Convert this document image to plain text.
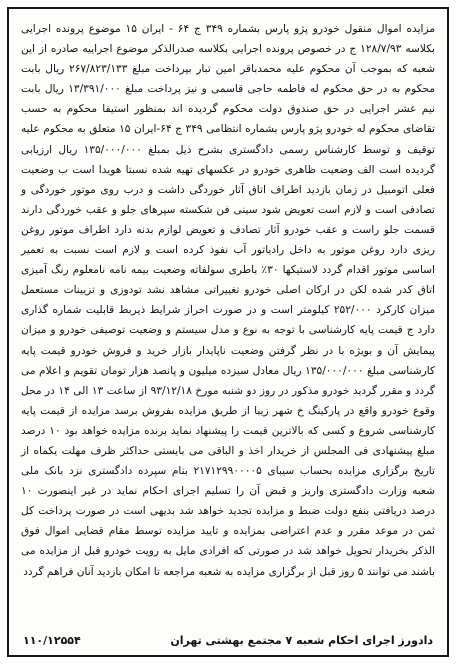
مزایده اموال منقول خودرو پژو پارس بشماره ۳۴۹ ج ۶۴ - ایران ۱۵ موضوع پرونده اجرایی بکلاسه ۱۲۸/۷/۹۳ ج در خصوص پرونده اجرایی بکلاسه صدرالذکر موضوع اجراییه صادره از این شعبه که بموجب آن محکوم علیه محمدباقر امین تبار بپرداخت مبلغ ۲۶۷/۸۲۳/۱۳۳ ریال بابت محکوم به در حق محکوم له فاطمه حاجی قاسمی و نیز پرداخت مبلغ ۱۳/۳۹۱/۰۰۰ ریال بابت نیم عشر اجرایی در حق صندوق دولت محکوم گردیده اند بمنظور استیفا محکوم به حسب تقاضای محکوم له خودرو پژو پارس بشماره انتظامی ۳۴۹ ج ۶۴-ایران ۱۵ متعلق به محکوم علیه توقیف و توسط کارشناس رسمی دادگستری بشرح ذیل بمبلغ ۱۳۵/۰۰۰/۰۰۰ ریال ارزیابی گردیده است الف وضعیت ظاهری خودرو در عکسهای تهیه شده نسبتا هویدا است ب وضعیت فعلی اتومبیل در زمان بازدید اطراف اتاق آثار خوردگی داشت و درب روی موتور خوردگی و تصادفی است و لازم است تعویض شود سینی فن شکسته سپرهای جلو و عقب خوردگی دارند قسمت جلو راست و عقب خودرو آثار تصادف و تعویض لوازم بدنه دارد اطراف موتور روغن ریزی دارد روغن موتور به داخل رادیاتور آب نفوذ کرده است و لازم است نسبت به تعمیر اساسی موتور اقدام گردد لاستیکها ۳۰٪ باطری سولفاته وضعیت بیمه نامه نامعلوم رنگ آمیزی اتاق کدر شده لکن در ارکان اصلی خودرو تغییراتی مشاهد نشد تودوزی و تزیینات مستعمل میزان کارکرد ۲۵۲/۰۰۰ کیلومتر است و در صورت احراز شرایط ذیربط قابلیت شماره گذاری دارد ج قیمت پایه کارشناسی با توجه به نوع و مدل سیستم و وضعیت توصیفی خودرو و میزان پیمایش آن و بویژه با در نظر گرفتن وضعیت ناپایدار بازار خرید و فروش خودرو قیمت پایه کارشناسی مبلغ ۱۳۵/۰۰۰/۰۰۰ ریال معادل سیزده میلیون و پانصد هزار تومان تقویم و اعلام می گردد و مقرر گردید خودرو مذکور در روز دو شنبه مورخ ۹۳/۱۲/۱۸ از ساعت ۱۳ الی ۱۴ در محل وقوع خودرو واقع در پارکینگ خ شهر زیبا از طریق مزایده بفروش برسد مزایده از قیمت پایه کارشناسی شروع و کسی که بالاترین قیمت را پیشنهاد نماید برنده مزایده خواهد بود ۱۰ درصد مبلغ پیشنهادی فی المجلس از خریدار اخذ و الباقی می بایستی حداکثر ظرف مهلت یکماه از تاریخ برگزاری مزایده بحساب سیبای ۲۱۷۱۲۹۹۰۰۰۰۵ بنام سپرده دادگستری نزد بانک ملی شعبه وزارت دادگستری واریز و قبض آن را تسلیم اجرای احکام نماید در غیر اینصورت ۱۰ درصد دریافتی بنفع دولت ضبط و مزایده تجدید خواهد شد بدیهی است در صورت پرداخت کل ثمن در موعد مقرر و عدم اعتراضی بمزایده و تایید مزایده توسط مقام قضایی اموال فوق الذکر بخریدار تحویل خواهد شد در صورتی که افرادی مایل به رویت خودرو قبل از مزایده می باشند می توانند ۵ روز قبل از برگزاری مزایده به شعبه مراجعه تا امکان بازدید آنان فراهم گردد

دادورز اجرای احکام شعبه ۷ مجتمع بهشتی تهران
۱۱۰/۱۲۵۵۴
